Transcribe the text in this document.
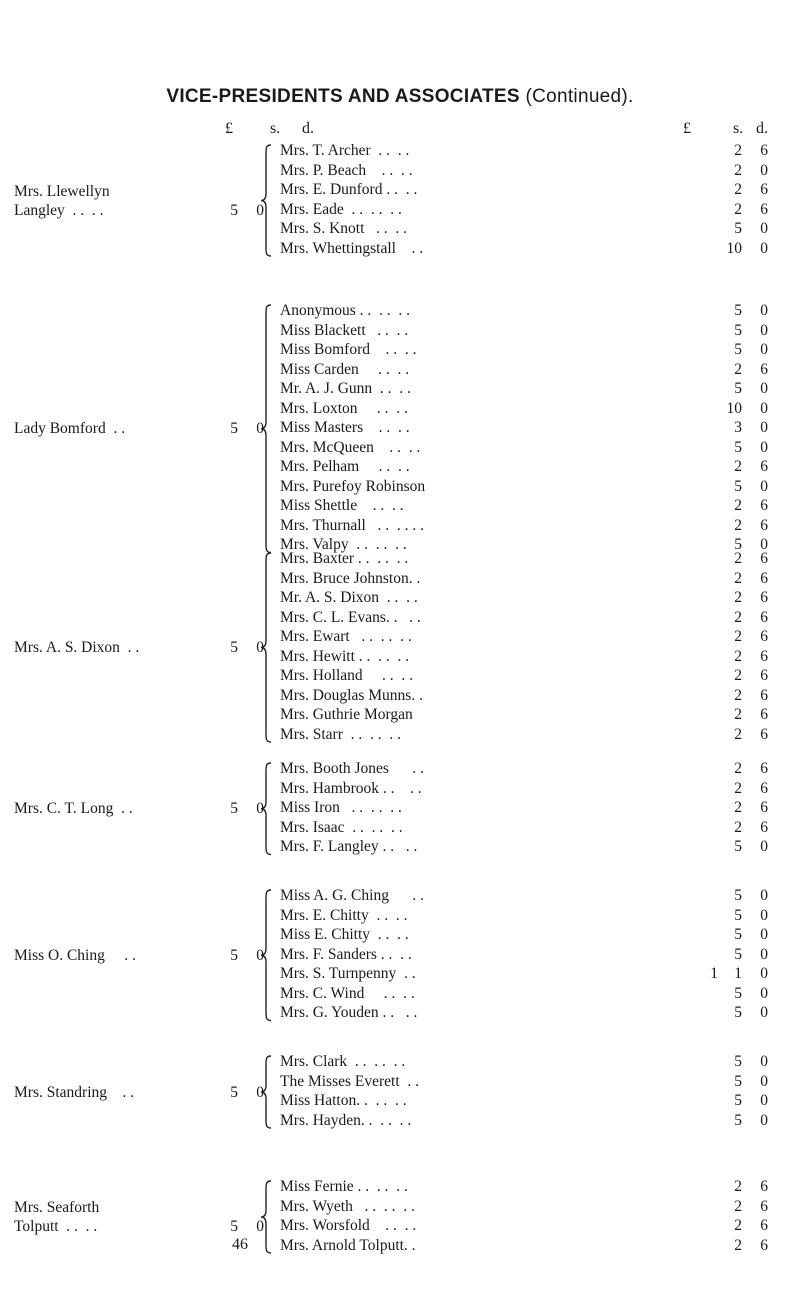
VICE-PRESIDENTS AND ASSOCIATES (Continued).
£ s. d.	£	s. d.
Mrs. T. Archer  . .  . .	2	6
Mrs. P. Beach    . .  . .	2	0
Mrs. E. Dunford . .  . .	2	6
Mrs. Eade  . .  . .  . .	2	6
Mrs. S. Knott   . .  . .	5	0
Mrs. Whettingstall    . .	10	0
Mrs. Llewellyn
Langley  . .  . .	5 0
Anonymous . .  . .  . .	5	0
Miss Blackett   . .  . .	5	0
Miss Bomford    . .  . .	5	0
Miss Carden     . .  . .	2	6
Mr. A. J. Gunn  . .  . .	5	0
Mrs. Loxton     . .  . .	10	0
Miss Masters    . .  . .	3	0
Mrs. McQueen    . .  . .	5	0
Mrs. Pelham     . .  . .	2	6
Mrs. Purefoy Robinson	5	0
Miss Shettle    . .  . .	2	6
Mrs. Thurnall   . .  . . . .	2	6
Mrs. Valpy  . .  . .  . .	5	0
Lady Bomford  . .	5 0
Mrs. Baxter . .  . .  . .	2	6
Mrs. Bruce Johnston. .	2	6
Mr. A. S. Dixon  . .  . .	2	6
Mrs. C. L. Evans. .   . .	2	6
Mrs. Ewart   . .  . .  . .	2	6
Mrs. Hewitt . .  . .  . .	2	6
Mrs. Holland     . .  . .	2	6
Mrs. Douglas Munns. .	2	6
Mrs. Guthrie Morgan	2	6
Mrs. Starr  . .  . .  . .	2	6
Mrs. A. S. Dixon  . .	5 0
Mrs. Booth Jones      . .	2	6
Mrs. Hambrook . .    . .	2	6
Miss Iron   . .  . .  . .	2	6
Mrs. Isaac  . .  . .  . .	2	6
Mrs. F. Langley . .   . .	5	0
Mrs. C. T. Long  . .	5 0
Miss A. G. Ching      . .	5	0
Mrs. E. Chitty  . .  . .	5	0
Miss E. Chitty  . .  . .	5	0
Mrs. F. Sanders . .  . .	5	0
Mrs. S. Turnpenny  . .	1	1	0
Mrs. C. Wind     . .  . .	5	0
Mrs. G. Youden . .   . .	5	0
Miss O. Ching     . .	5 0
Mrs. Clark  . .  . .  . .	5	0
The Misses Everett  . .	5	0
Miss Hatton. .  . .  . .	5	0
Mrs. Hayden. .  . .  . .	5	0
Mrs. Standring    . .	5 0
Miss Fernie . .  . .  . .	2	6
Mrs. Wyeth   . .  . .  . .	2	6
Mrs. Worsfold    . .  . .	2	6
Mrs. Arnold Tolputt. .	2	6
Mrs. Seaforth
Tolputt  . .  . .	5 0
46
